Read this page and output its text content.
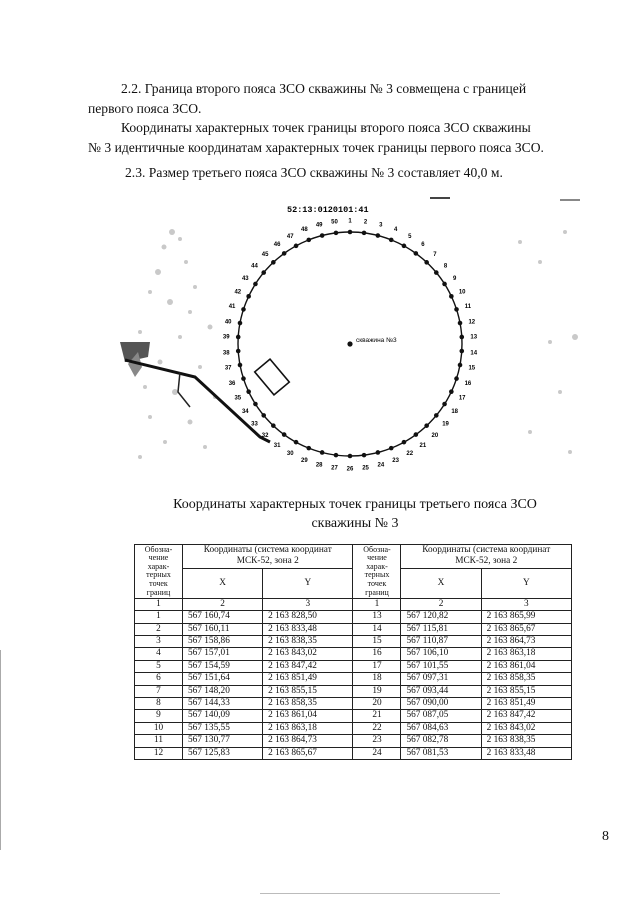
2.2. Граница второго пояса ЗСО скважины № 3 совмещена с границей
первого пояса ЗСО.
Координаты характерных точек границы второго пояса ЗСО скважины
№ 3 идентичные координатам характерных точек границы первого пояса ЗСО.
2.3. Размер третьего пояса ЗСО скважины № 3 составляет 40,0 м.
52:13:0120101:41
скважина №3
1 2 3
4
5
6
7
8
9
10
11
12
13
14
15
16
17
18
19
20
21
22
23
24
25
26
27
28
29
30
31
32
33
34
35
36
37
38
39
40
41
42
43
44
45
46
47
48
49 50
Координаты характерных точек границы третьего пояса ЗСО
скважины № 3
Обозна-чение харак-терных точек границ	Координаты (система координат МСК-52, зона 2		Обозна-чение харак-терных точек границ	Координаты (система координат МСК-52, зона 2	
	X	Y		X	Y
1	2	3	1	2	3
1	567 160,74	2 163 828,50	13	567 120,82	2 163 865,99
2	567 160,11	2 163 833,48	14	567 115,81	2 163 865,67
3	567 158,86	2 163 838,35	15	567 110,87	2 163 864,73
4	567 157,01	2 163 843,02	16	567 106,10	2 163 863,18
5	567 154,59	2 163 847,42	17	567 101,55	2 163 861,04
6	567 151,64	2 163 851,49	18	567 097,31	2 163 858,35
7	567 148,20	2 163 855,15	19	567 093,44	2 163 855,15
8	567 144,33	2 163 858,35	20	567 090,00	2 163 851,49
9	567 140,09	2 163 861,04	21	567 087,05	2 163 847,42
10	567 135,55	2 163 863,18	22	567 084,63	2 163 843,02
11	567 130,77	2 163 864,73	23	567 082,78	2 163 838,35
12	567 125,83	2 163 865,67	24	567 081,53	2 163 833,48
8
